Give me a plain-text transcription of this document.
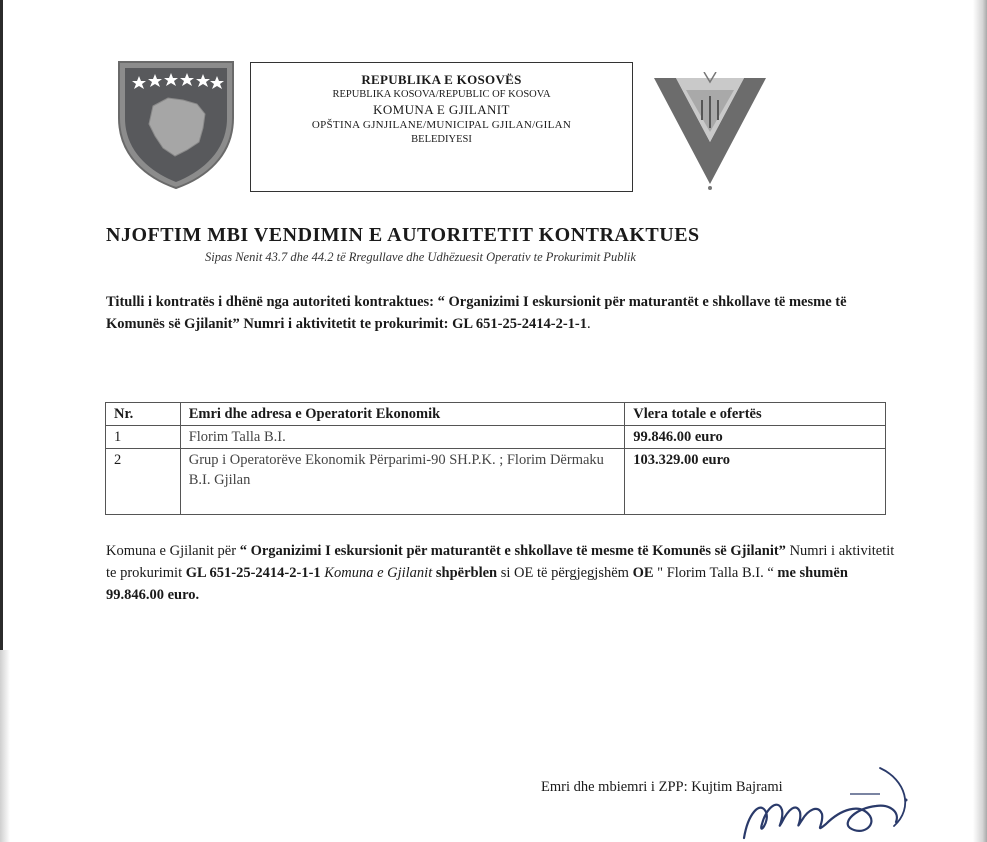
REPUBLIKA E KOSOVËS
REPUBLIKA KOSOVA/REPUBLIC OF KOSOVA
KOMUNA E GJILANIT
OPŠTINA GJNJILANE/MUNICIPAL GJILAN/GILAN
BELEDIYESI
NJOFTIM MBI VENDIMIN E AUTORITETIT KONTRAKTUES
Sipas Nenit 43.7 dhe 44.2 të Rregullave dhe Udhëzuesit Operativ te Prokurimit Publik
Titulli i kontratës i dhënë nga autoriteti kontraktues: “ Organizimi I eskursionit për maturantët e shkollave të mesme të Komunës së Gjilanit” Numri i aktivitetit te prokurimit: GL 651-25-2414-2-1-1.
Nr.	Emri dhe adresa e Operatorit Ekonomik	Vlera totale e ofertës
1	Florim Talla B.I.	99.846.00 euro
2	Grup i Operatorëve Ekonomik Përparimi-90 SH.P.K. ; Florim Dërmaku B.I. Gjilan	103.329.00 euro
Komuna e Gjilanit për “ Organizimi I eskursionit për maturantët e shkollave të mesme të Komunës së Gjilanit” Numri i aktivitetit te prokurimit GL 651-25-2414-2-1-1 Komuna e Gjilanit shpërblen si OE të përgjegjshëm OE " Florim Talla B.I. “ me shumën 99.846.00 euro.
Emri dhe mbiemri i ZPP: Kujtim Bajrami
